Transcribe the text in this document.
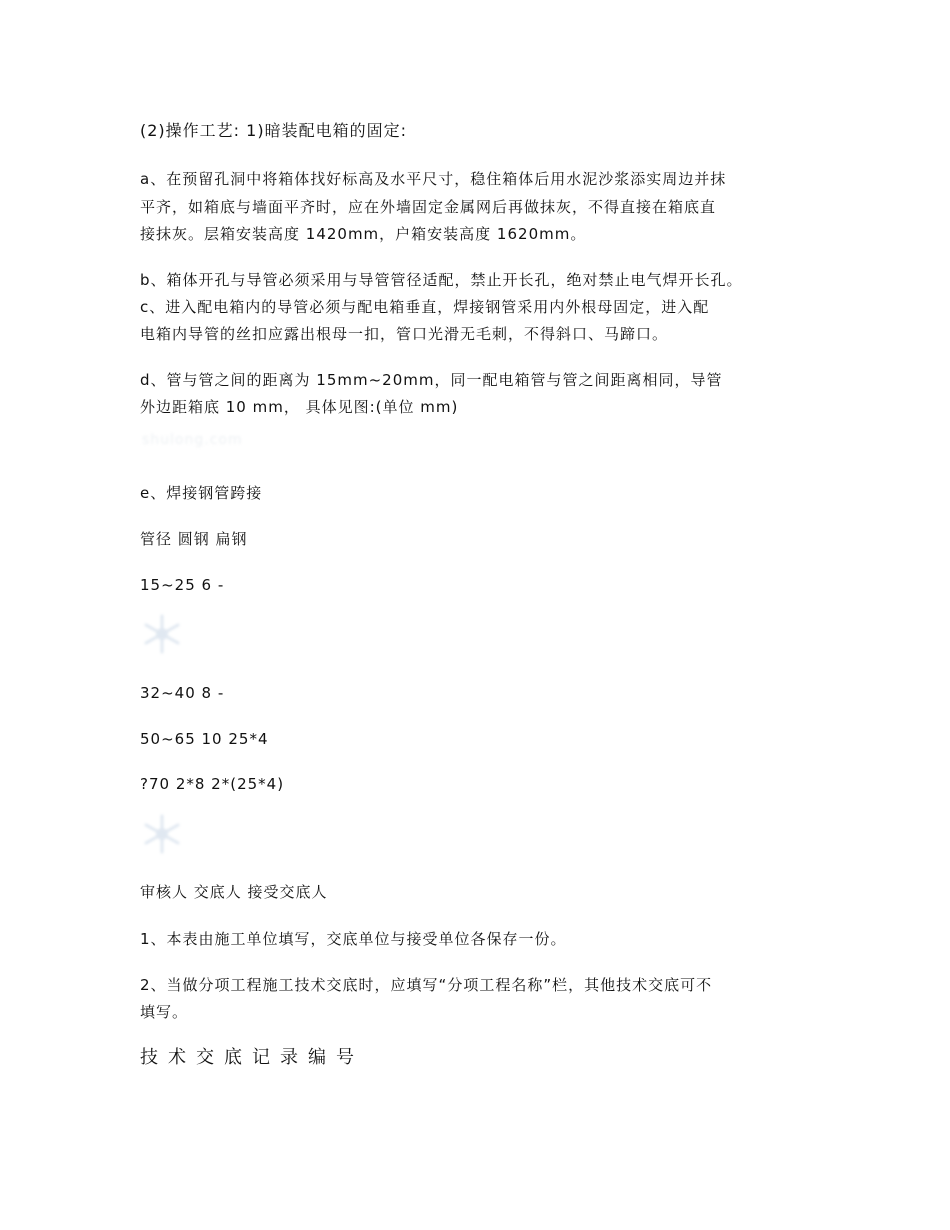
(2)操作工艺: 1)暗装配电箱的固定:
a、在预留孔洞中将箱体找好标高及水平尺寸，稳住箱体后用水泥沙浆添实周边并抹
平齐，如箱底与墙面平齐时，应在外墙固定金属网后再做抹灰，不得直接在箱底直
接抹灰。层箱安装高度 1420mm，户箱安装高度 1620mm。
b、箱体开孔与导管必须采用与导管管径适配，禁止开长孔，绝对禁止电气焊开长孔。
c、进入配电箱内的导管必须与配电箱垂直，焊接钢管采用内外根母固定，进入配
电箱内导管的丝扣应露出根母一扣，管口光滑无毛刺，不得斜口、马蹄口。
d、管与管之间的距离为 15mm~20mm，同一配电箱管与管之间距离相同，导管
外边距箱底 10 mm， 具体见图:(单位 mm)
shulong.com
e、焊接钢管跨接
管径 圆钢 扁钢
15~25 6 -
32~40 8 -
50~65 10 25*4
?70 2*8 2*(25*4)
审核人 交底人 接受交底人
1、本表由施工单位填写，交底单位与接受单位各保存一份。
2、当做分项工程施工技术交底时，应填写“分项工程名称”栏，其他技术交底可不
填写。
技术交底记录编号
